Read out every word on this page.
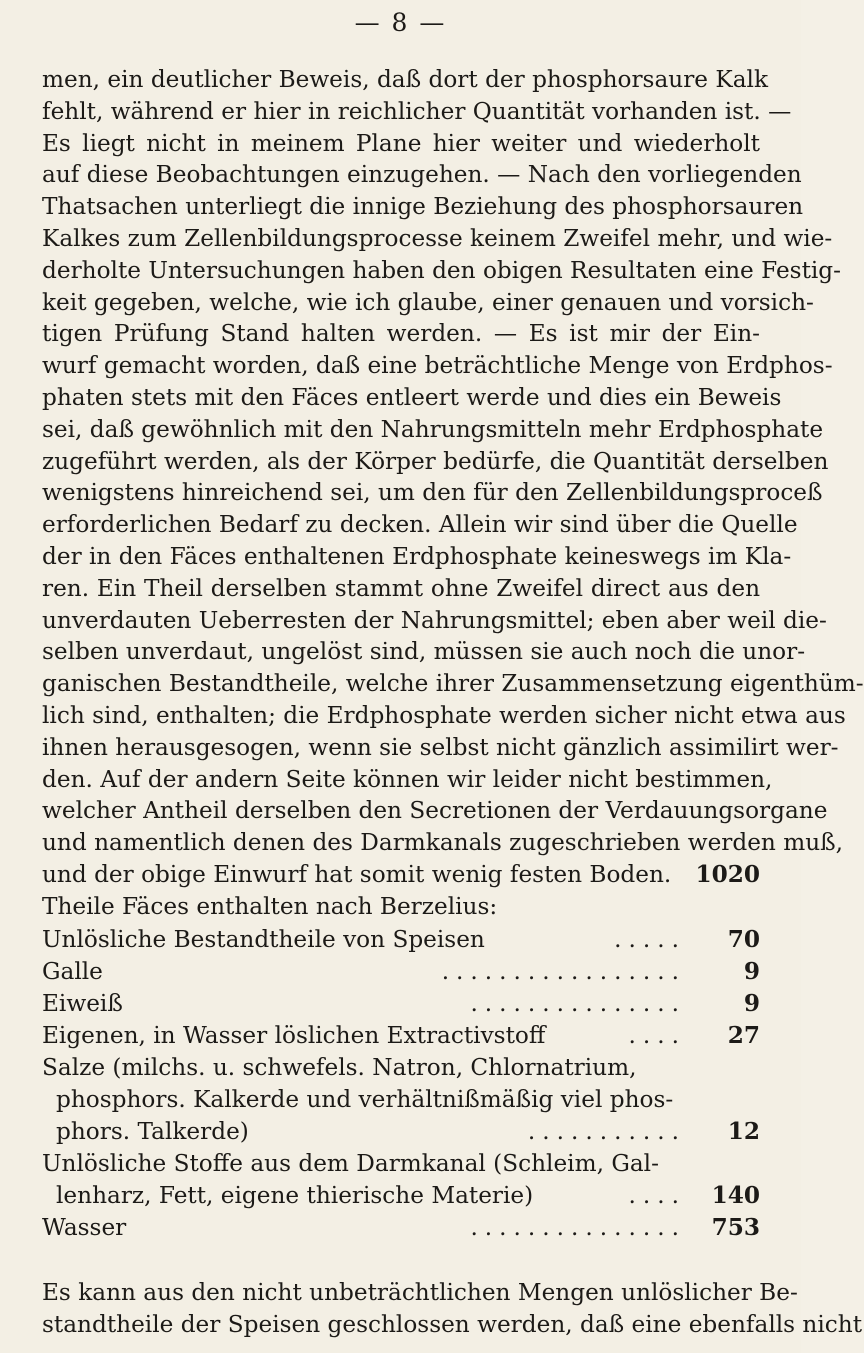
— 8 —
men, ein deutlicher Beweis, daß dort der phosphorsaure Kalk
fehlt, während er hier in reichlicher Quantität vorhanden ist. —
Es liegt nicht in meinem Plane hier weiter und wiederholt
auf diese Beobachtungen einzugehen. — Nach den vorliegenden
Thatsachen unterliegt die innige Beziehung des phosphorsauren
Kalkes zum Zellenbildungsprocesse keinem Zweifel mehr, und wie-
derholte Untersuchungen haben den obigen Resultaten eine Festig-
keit gegeben, welche, wie ich glaube, einer genauen und vorsich-
tigen Prüfung Stand halten werden. — Es ist mir der Ein-
wurf gemacht worden, daß eine beträchtliche Menge von Erdphos-
phaten stets mit den Fäces entleert werde und dies ein Beweis
sei, daß gewöhnlich mit den Nahrungsmitteln mehr Erdphosphate
zugeführt werden, als der Körper bedürfe, die Quantität derselben
wenigstens hinreichend sei, um den für den Zellenbildungsproceß
erforderlichen Bedarf zu decken. Allein wir sind über die Quelle
der in den Fäces enthaltenen Erdphosphate keineswegs im Kla-
ren. Ein Theil derselben stammt ohne Zweifel direct aus den
unverdauten Ueberresten der Nahrungsmittel; eben aber weil die-
selben unverdaut, ungelöst sind, müssen sie auch noch die unor-
ganischen Bestandtheile, welche ihrer Zusammensetzung eigenthüm-
lich sind, enthalten; die Erdphosphate werden sicher nicht etwa aus
ihnen herausgesogen, wenn sie selbst nicht gänzlich assimilirt wer-
den. Auf der andern Seite können wir leider nicht bestimmen,
welcher Antheil derselben den Secretionen der Verdauungsorgane
und namentlich denen des Darmkanals zugeschrieben werden muß,
und der obige Einwurf hat somit wenig festen Boden. 1020
Theile Fäces enthalten nach Berzelius:
Unlösliche Bestandtheile von Speisen	.....	70
Galle	.................	9
Eiweiß	...............	9
Eigenen, in Wasser löslichen Extractivstoff	....	27
Salze (milchs. u. schwefels. Natron, Chlornatrium,
phosphors. Kalkerde und verhältnißmäßig viel phos-
phors. Talkerde)	...........	12
Unlösliche Stoffe aus dem Darmkanal (Schleim, Gal-
lenharz, Fett, eigene thierische Materie)	....	140
Wasser	...............	753
Es kann aus den nicht unbeträchtlichen Mengen unlöslicher Be-
standtheile der Speisen geschlossen werden, daß eine ebenfalls nicht
